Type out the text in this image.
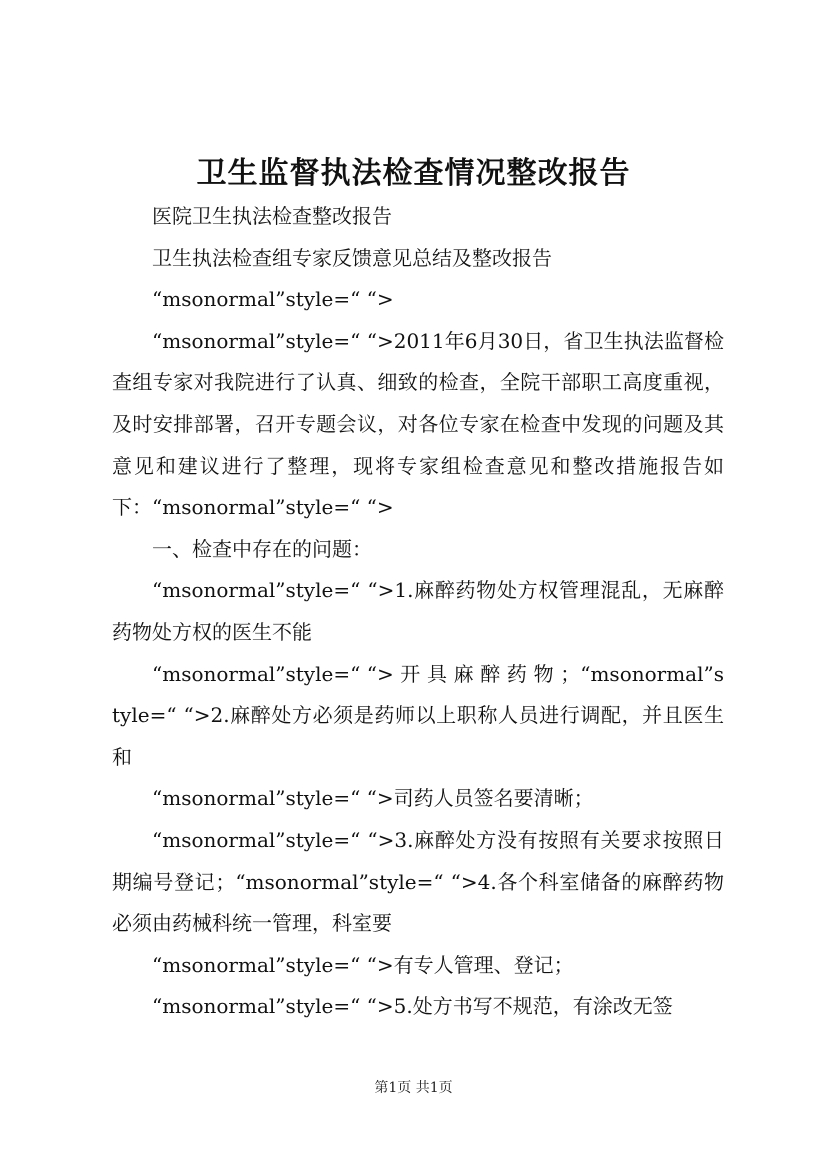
卫生监督执法检查情况整改报告

医院卫生执法检查整改报告

卫生执法检查组专家反馈意见总结及整改报告

“msonormal”style=“ “>

“msonormal”style=“ “>2011年6月30日，省卫生执法监督检查组专家对我院进行了认真、细致的检查，全院干部职工高度重视，及时安排部署，召开专题会议，对各位专家在检查中发现的问题及其意见和建议进行了整理，现将专家组检查意见和整改措施报告如下：“msonormal”style=“ “>

一、检查中存在的问题：

“msonormal”style=“ “>1.麻醉药物处方权管理混乱，无麻醉药物处方权的医生不能

“msonormal”style=“ “> 开 具 麻 醉 药 物 ；“msonormal”style=“ “>2.麻醉处方必须是药师以上职称人员进行调配，并且医生和

“msonormal”style=“ “>司药人员签名要清晰；

“msonormal”style=“ “>3.麻醉处方没有按照有关要求按照日期编号登记；“msonormal”style=“ “>4.各个科室储备的麻醉药物必须由药械科统一管理，科室要

“msonormal”style=“ “>有专人管理、登记；

“msonormal”style=“ “>5.处方书写不规范，有涂改无签

第1页 共1页
